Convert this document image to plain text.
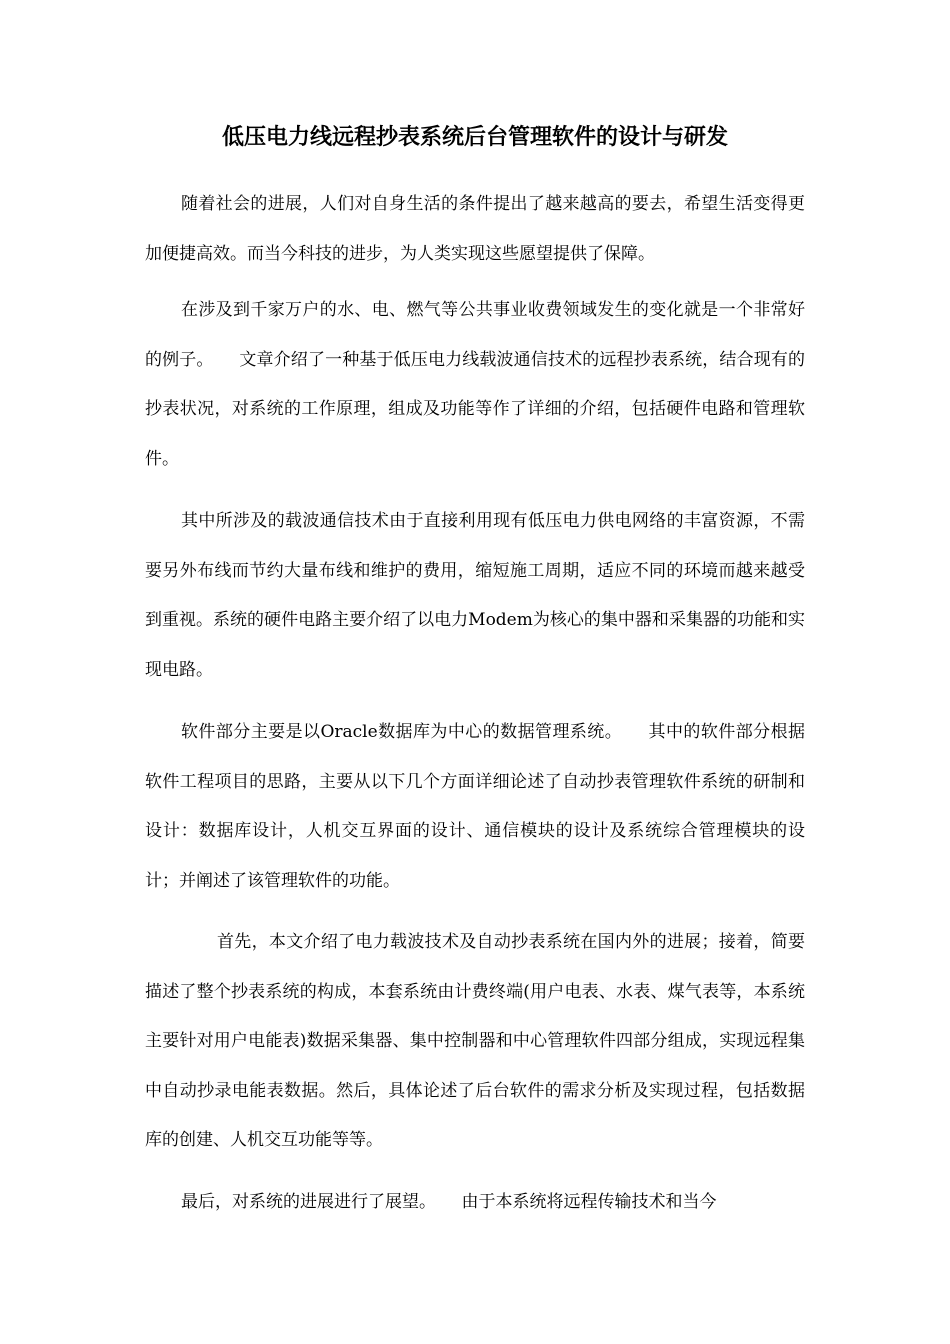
低压电力线远程抄表系统后台管理软件的设计与研发

随着社会的进展，人们对自身生活的条件提出了越来越高的要去，希望生活变得更加便捷高效。而当今科技的进步，为人类实现这些愿望提供了保障。

在涉及到千家万户的水、电、燃气等公共事业收费领域发生的变化就是一个非常好的例子。　　文章介绍了一种基于低压电力线载波通信技术的远程抄表系统，结合现有的抄表状况，对系统的工作原理，组成及功能等作了详细的介绍，包括硬件电路和管理软件。

其中所涉及的载波通信技术由于直接利用现有低压电力供电网络的丰富资源，不需要另外布线而节约大量布线和维护的费用，缩短施工周期，适应不同的环境而越来越受到重视。系统的硬件电路主要介绍了以电力Modem为核心的集中器和采集器的功能和实现电路。

软件部分主要是以Oracle数据库为中心的数据管理系统。　　其中的软件部分根据软件工程项目的思路，主要从以下几个方面详细论述了自动抄表管理软件系统的研制和设计：数据库设计，人机交互界面的设计、通信模块的设计及系统综合管理模块的设计；并阐述了该管理软件的功能。

首先，本文介绍了电力载波技术及自动抄表系统在国内外的进展；接着，简要描述了整个抄表系统的构成，本套系统由计费终端(用户电表、水表、煤气表等，本系统主要针对用户电能表)数据采集器、集中控制器和中心管理软件四部分组成，实现远程集中自动抄录电能表数据。然后，具体论述了后台软件的需求分析及实现过程，包括数据库的创建、人机交互功能等等。

最后，对系统的进展进行了展望。　　由于本系统将远程传输技术和当今
